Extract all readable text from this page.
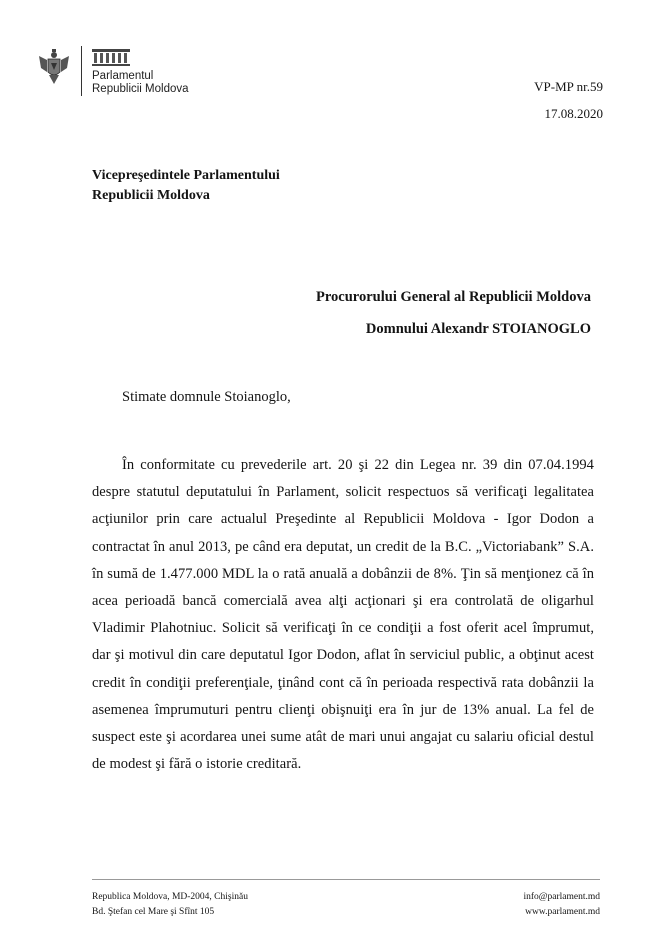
Parlamentul
Republicii Moldova	VP-MP nr.59
17.08.2020
Vicepreşedintele Parlamentului
Republicii Moldova
Procurorului General al Republicii Moldova
Domnului Alexandr STOIANOGLO
Stimate domnule Stoianoglo,
În conformitate cu prevederile art. 20 şi 22 din Legea nr. 39 din 07.04.1994 despre statutul deputatului în Parlament, solicit respectuos să verificaţi legalitatea acţiunilor prin care actualul Preşedinte al Republicii Moldova - Igor Dodon a contractat în anul 2013, pe când era deputat, un credit de la B.C. „Victoriabank” S.A. în sumă de 1.477.000 MDL la o rată anuală a dobânzii de 8%. Ţin să menţionez că în acea perioadă bancă comercială avea alţi acţionari şi era controlată de oligarhul Vladimir Plahotniuc. Solicit să verificaţi în ce condiţii a fost oferit acel împrumut, dar şi motivul din care deputatul Igor Dodon, aflat în serviciul public, a obţinut acest credit în condiţii preferenţiale, ţinând cont că în perioada respectivă rata dobânzii la asemenea împrumuturi pentru clienţi obişnuiţi era în jur de 13% anual. La fel de suspect este şi acordarea unei sume atât de mari unui angajat cu salariu oficial destul de modest şi fără o istorie creditară.
Republica Moldova, MD-2004, Chişinău
Bd. Ştefan cel Mare şi Sfînt 105
info@parlament.md
www.parlament.md
